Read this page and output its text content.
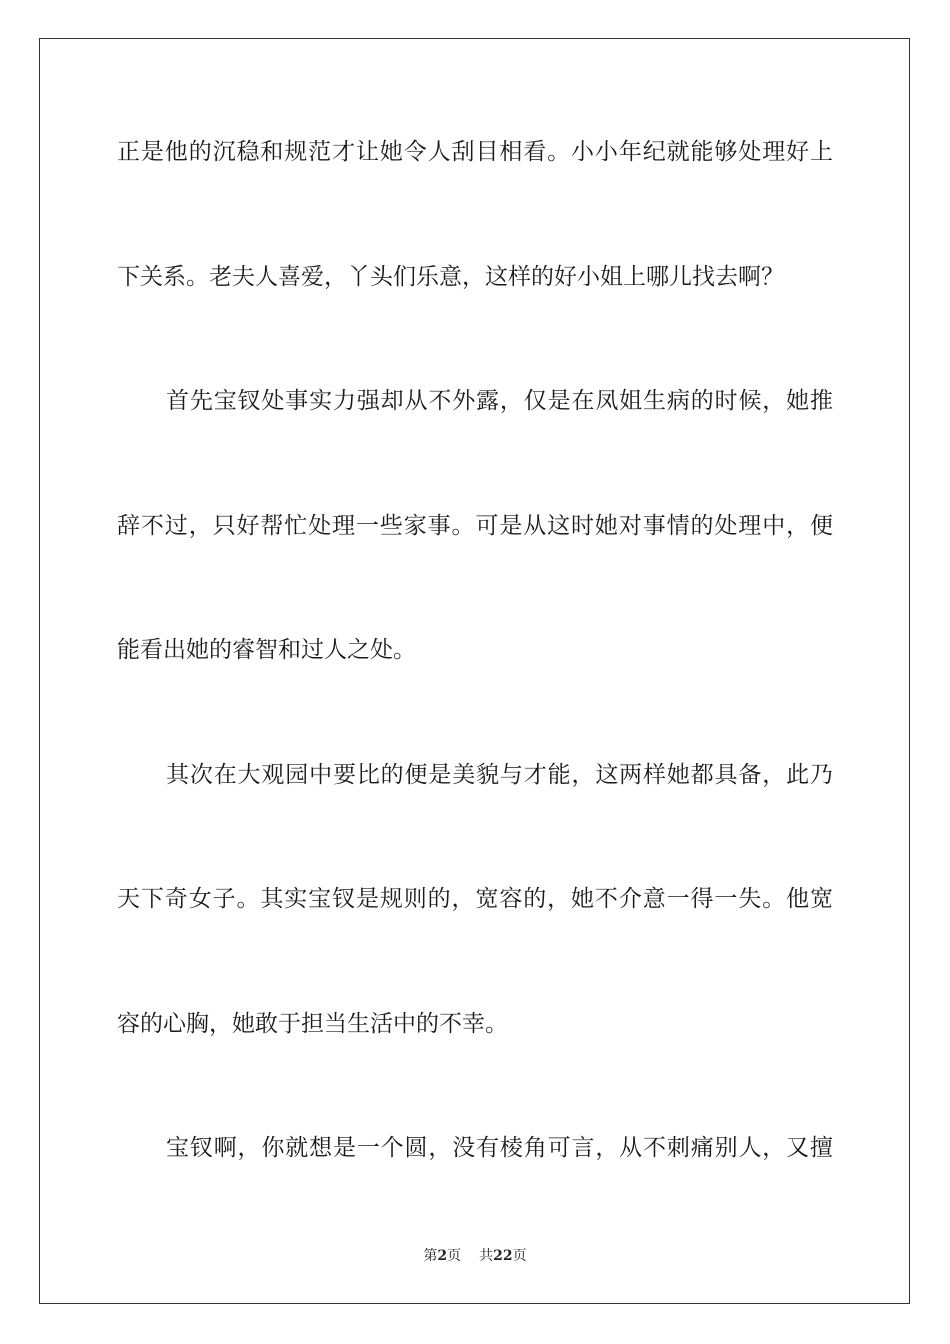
正是他的沉稳和规范才让她令人刮目相看。小小年纪就能够处理好上
下关系。老夫人喜爱，丫头们乐意，这样的好小姐上哪儿找去啊？
首先宝钗处事实力强却从不外露，仅是在凤姐生病的时候，她推
辞不过，只好帮忙处理一些家事。可是从这时她对事情的处理中，便
能看出她的睿智和过人之处。
其次在大观园中要比的便是美貌与才能，这两样她都具备，此乃
天下奇女子。其实宝钗是规则的，宽容的，她不介意一得一失。他宽
容的心胸，她敢于担当生活中的不幸。
宝钗啊，你就想是一个圆，没有棱角可言，从不刺痛别人，又擅
第2页 共22页
